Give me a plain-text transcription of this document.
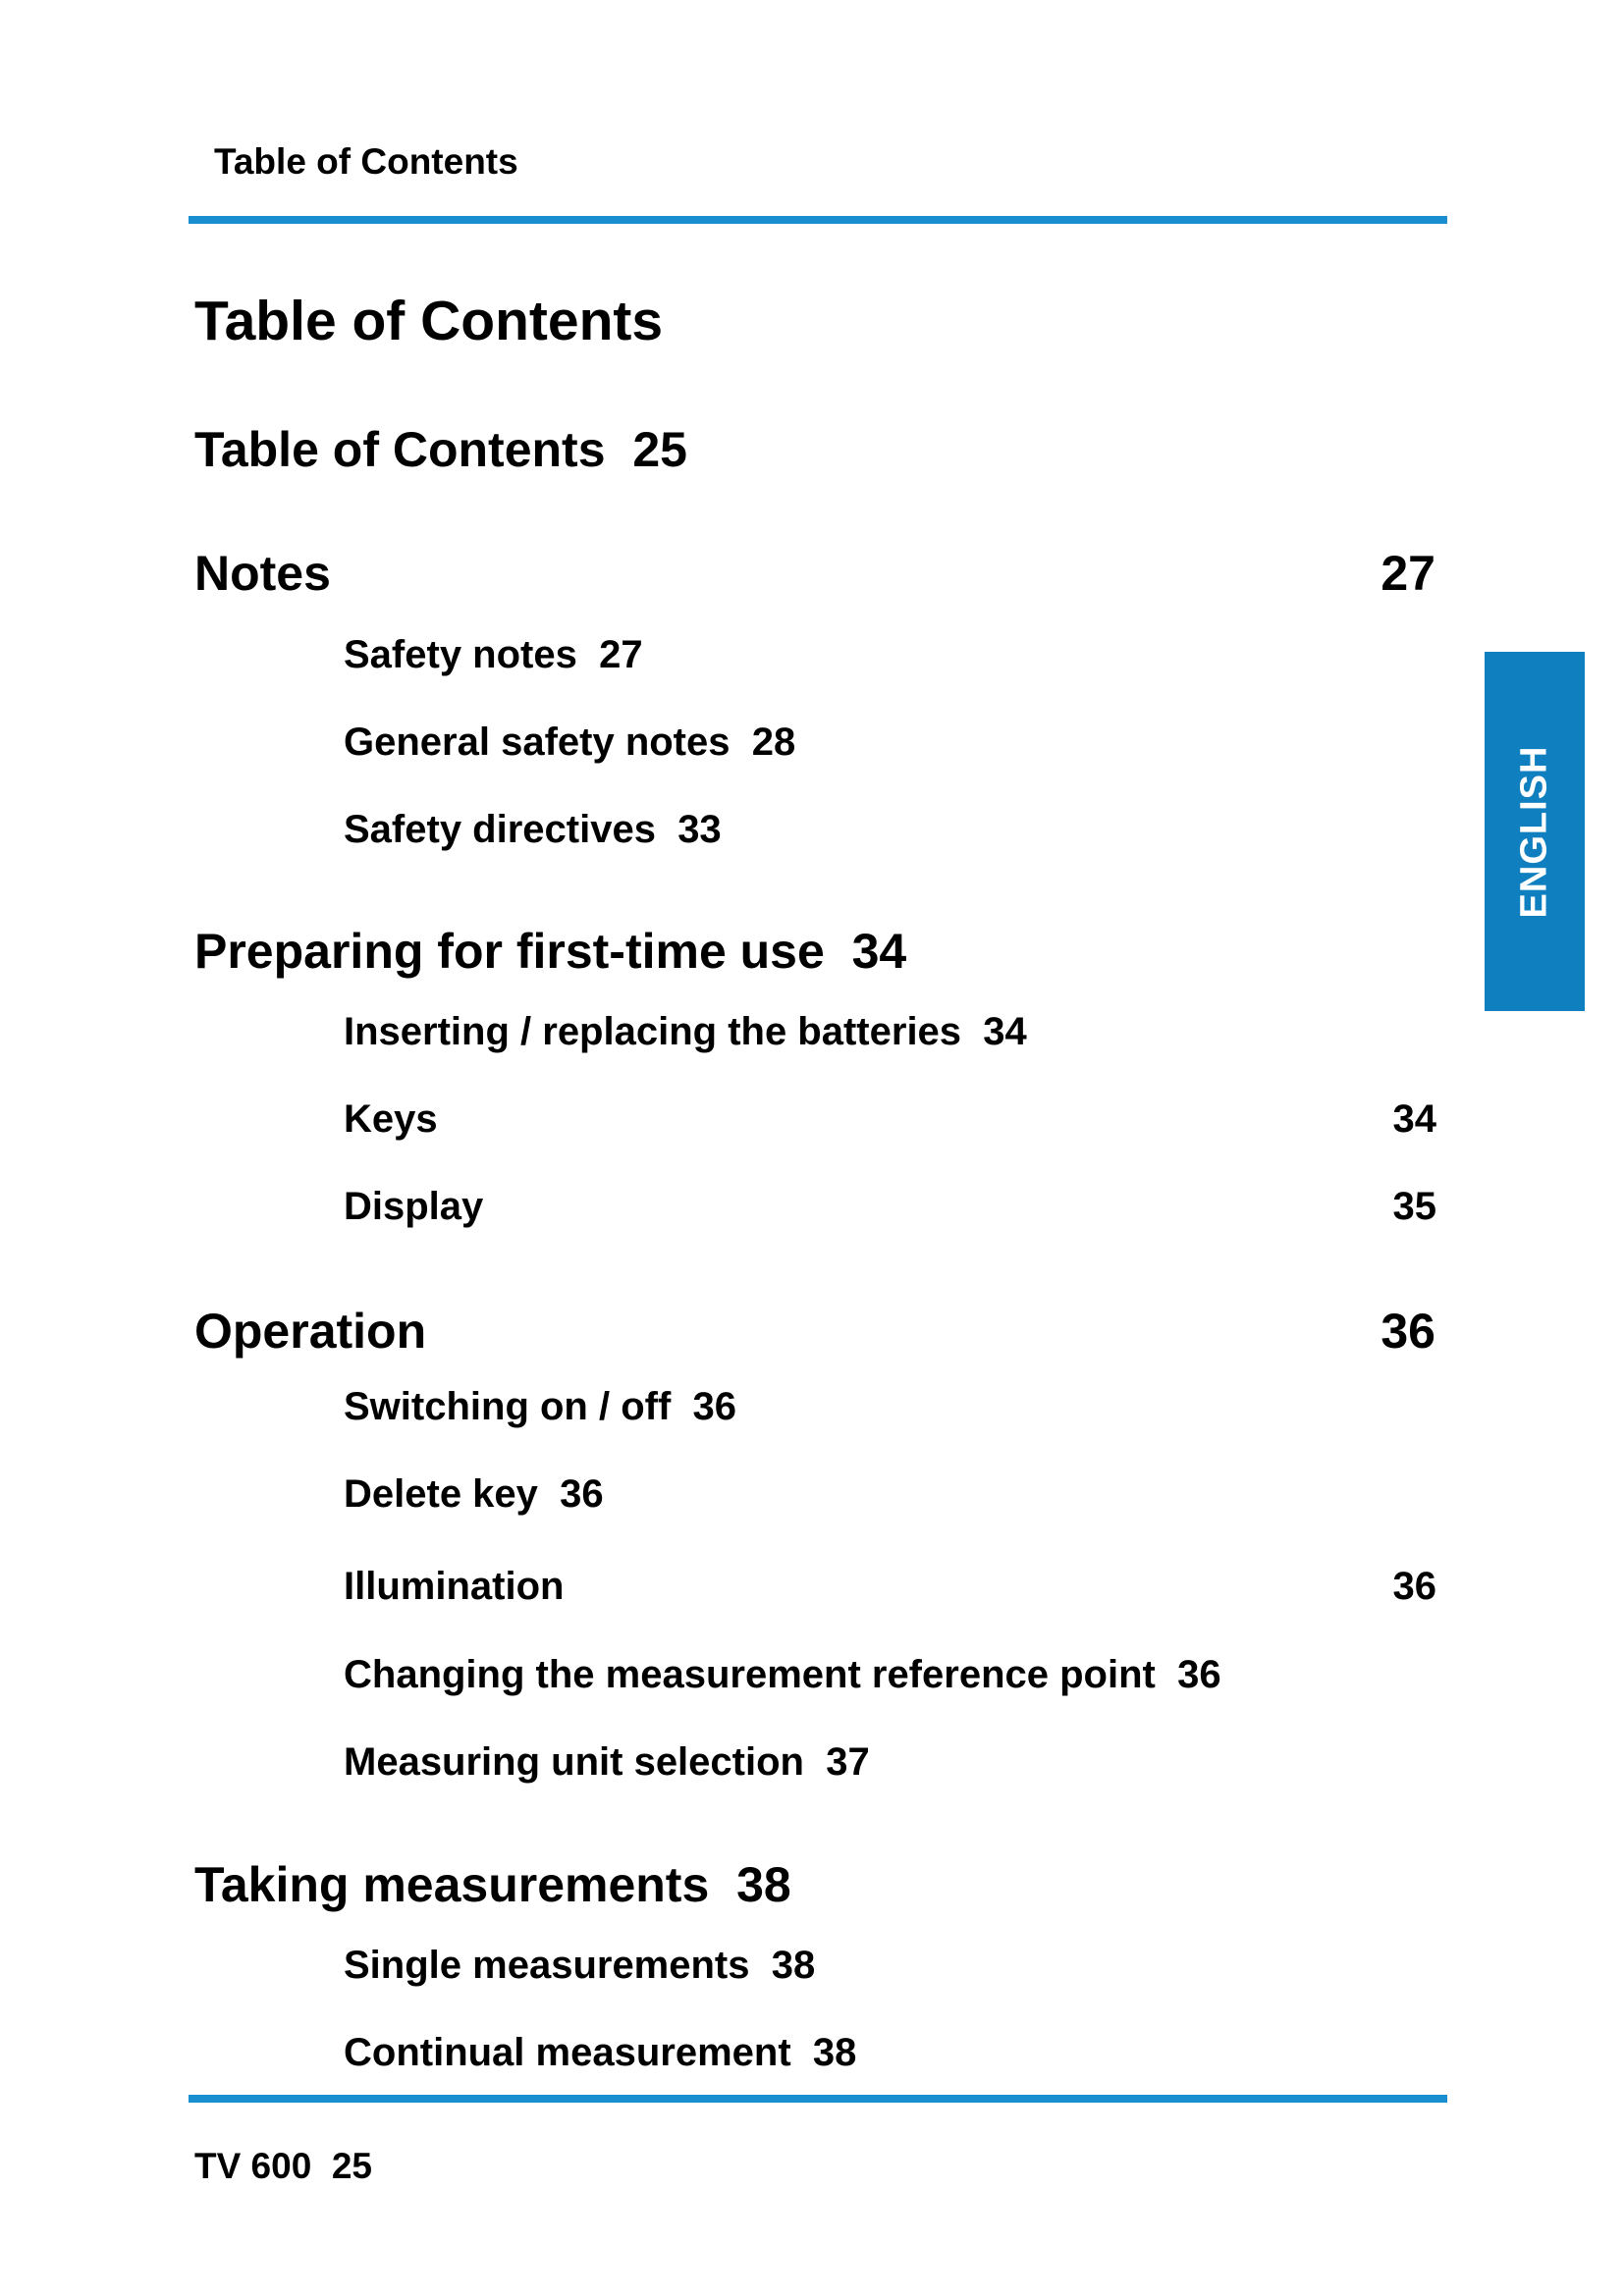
Table of Contents
Table of Contents
Table of Contents 25
Notes	27
Safety notes 27
General safety notes 28
Safety directives 33
Preparing for first-time use 34
Inserting / replacing the batteries 34
Keys	34
Display	35
Operation	36
Switching on / off 36
Delete key 36
Illumination	36
Changing the measurement reference point 36
Measuring unit selection 37
Taking measurements 38
Single measurements 38
Continual measurement 38
TV 600 25
ENGLISH
